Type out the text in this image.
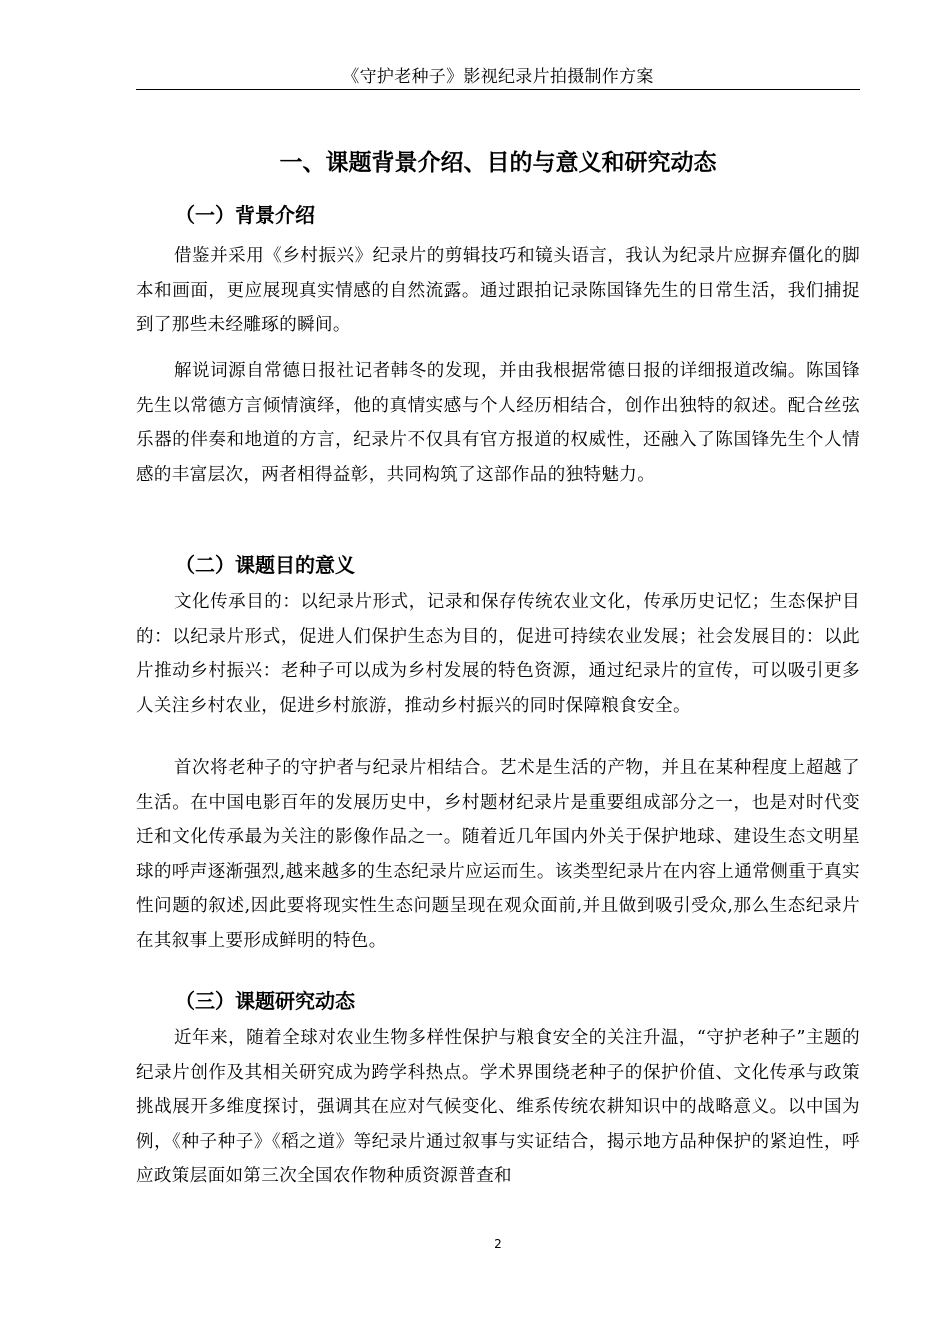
《守护老种子》影视纪录片拍摄制作方案
一、课题背景介绍、目的与意义和研究动态
（一）背景介绍

借鉴并采用《乡村振兴》纪录片的剪辑技巧和镜头语言，我认为纪录片应摒弃僵化的脚本和画面，更应展现真实情感的自然流露。通过跟拍记录陈国锋先生的日常生活，我们捕捉到了那些未经雕琢的瞬间。

解说词源自常德日报社记者韩冬的发现，并由我根据常德日报的详细报道改编。陈国锋先生以常德方言倾情演绎，他的真情实感与个人经历相结合，创作出独特的叙述。配合丝弦乐器的伴奏和地道的方言，纪录片不仅具有官方报道的权威性，还融入了陈国锋先生个人情感的丰富层次，两者相得益彰，共同构筑了这部作品的独特魅力。

（二）课题目的意义

文化传承目的：以纪录片形式，记录和保存传统农业文化，传承历史记忆；生态保护目的：以纪录片形式，促进人们保护生态为目的，促进可持续农业发展；社会发展目的：以此片推动乡村振兴：老种子可以成为乡村发展的特色资源，通过纪录片的宣传，可以吸引更多人关注乡村农业，促进乡村旅游，推动乡村振兴的同时保障粮食安全。

首次将老种子的守护者与纪录片相结合。艺术是生活的产物，并且在某种程度上超越了生活。在中国电影百年的发展历史中，乡村题材纪录片是重要组成部分之一，也是对时代变迁和文化传承最为关注的影像作品之一。随着近几年国内外关于保护地球、建设生态文明星球的呼声逐渐强烈,越来越多的生态纪录片应运而生。该类型纪录片在内容上通常侧重于真实性问题的叙述,因此要将现实性生态问题呈现在观众面前,并且做到吸引受众,那么生态纪录片在其叙事上要形成鲜明的特色。

（三）课题研究动态

近年来，随着全球对农业生物多样性保护与粮食安全的关注升温，“守护老种子”主题的纪录片创作及其相关研究成为跨学科热点。学术界围绕老种子的保护价值、文化传承与政策挑战展开多维度探讨，强调其在应对气候变化、维系传统农耕知识中的战略意义。以中国为例，《种子种子》《稻之道》等纪录片通过叙事与实证结合，揭示地方品种保护的紧迫性，呼应政策层面如第三次全国农作物种质资源普查和

2
